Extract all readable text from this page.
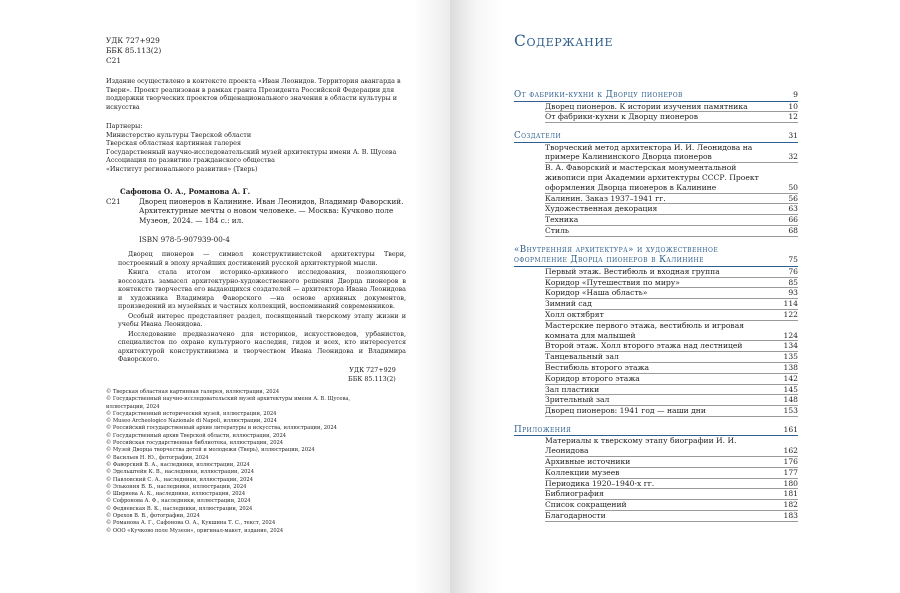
УДК 727+929
ББК 85.113(2)
С21
Издание осуществлено в контексте проекта «Иван Леонидов. Территория авангарда в Твери». Проект реализован в рамках гранта Президента Российской Федерации для поддержки творческих проектов общенационального значения в области культуры и искусства
Партнеры:
Министерство культуры Тверской области
Тверская областная картинная галерея
Государственный научно-исследовательский музей архитектуры имени А. В. Щусева
Ассоциация по развитию гражданского общества
«Институт регионального развития» (Тверь)
Сафонова О. А., Романова А. Г.
С21	Дворец пионеров в Калинине. Иван Леонидов, Владимир Фаворский. Архитектурные мечты о новом человеке. — Москва: Кучково поле Музеон, 2024. — 184 с.: ил.
ISBN 978-5-907939-00-4

Дворец пионеров — символ конструктивистской архитектуры Твери, построенный в эпоху ярчайших достижений русской архитектурной мысли.

Книга стала итогом историко-архивного исследования, позволяющего воссоздать замысел архитектурно-художественного решения Дворца пионеров в контексте творчества его выдающихся создателей — архитектора Ивана Леонидова и художника Владимира Фаворского —на основе архивных документов, произведений из музейных и частных коллекций, воспоминаний современников.

Особый интерес представляет раздел, посвященный тверскому этапу жизни и учебы Ивана Леонидова.

Исследование предназначено для историков, искусствоведов, урбанистов, специалистов по охране культурного наследия, гидов и всех, кто интересуется архитектурой конструктивизма и творчеством Ивана Леонидова и Владимира Фаворского.

УДК 727+929
ББК 85.113(2)
© Тверская областная картинная галерея, иллюстрации, 2024
© Государственный научно-исследовательский музей архитектуры имени А. В. Щусева,
иллюстрации, 2024
© Государственный исторический музей, иллюстрации, 2024
© Museo Archeologico Nazionale di Napoli, иллюстрации, 2024
© Российский государственный архив литературы и искусства, иллюстрации, 2024
© Государственный архив Тверской области, иллюстрации, 2024
© Российская государственная библиотека, иллюстрации, 2024
© Музей Дворца творчества детей и молодежи (Тверь), иллюстрации, 2024
© Васильев Н. Ю., фотографии, 2024
© Фаворский В. А., наследники, иллюстрации, 2024
© Эдельштейн К. В., наследники, иллюстрации, 2024
© Павловский С. А., наследники, иллюстрации, 2024
© Элькония В. Б., наследники, иллюстрации, 2024
© Ширяева А. К., наследники, иллюстрации, 2024
© Софронова А. Ф., наследники, иллюстрации, 2024
© Федяевская В. К., наследники, иллюстрации, 2024
© Орехов В. В., фотографии, 2024
© Романова А. Г., Сафонова О. А., Кукшина Т. С., текст, 2024
© ООО «Кучково поле Музеон», оригинал-макет, издание, 2024
Содержание
От фабрики-кухни к Дворцу пионеров	9
Дворец пионеров. К истории изучения памятника	10
От фабрики-кухни к Дворцу пионеров	12
Создатели	31
Творческий метод архитектора И. И. Леонидова на примере Калининского Дворца пионеров	32
В. А. Фаворский и мастерская монументальной живописи при Академии архитектуры СССР. Проект оформления Дворца пионеров в Калинине	50
Калинин. Заказ 1937–1941 гг.	56
Художественная декорация	63
Техника	66
Стиль	68
«Внутренняя архитектура» и художественное оформление Дворца пионеров в Калинине	75
Первый этаж. Вестибюль и входная группа	76
Коридор «Путешествия по миру»	85
Коридор «Наша область»	93
Зимний сад	114
Холл октябрят	122
Мастерские первого этажа, вестибюль и игровая комната для малышей	124
Второй этаж. Холл второго этажа над лестницей	134
Танцевальный зал	135
Вестибюль второго этажа	138
Коридор второго этажа	142
Зал пластики	145
Зрительный зал	148
Дворец пионеров: 1941 год — наши дни	153
Приложения	161
Материалы к тверскому этапу биографии И. И. Леонидова	162
Архивные источники	176
Коллекции музеев	177
Периодика 1920–1940-х гг.	180
Библиография	181
Список сокращений	182
Благодарности	183
